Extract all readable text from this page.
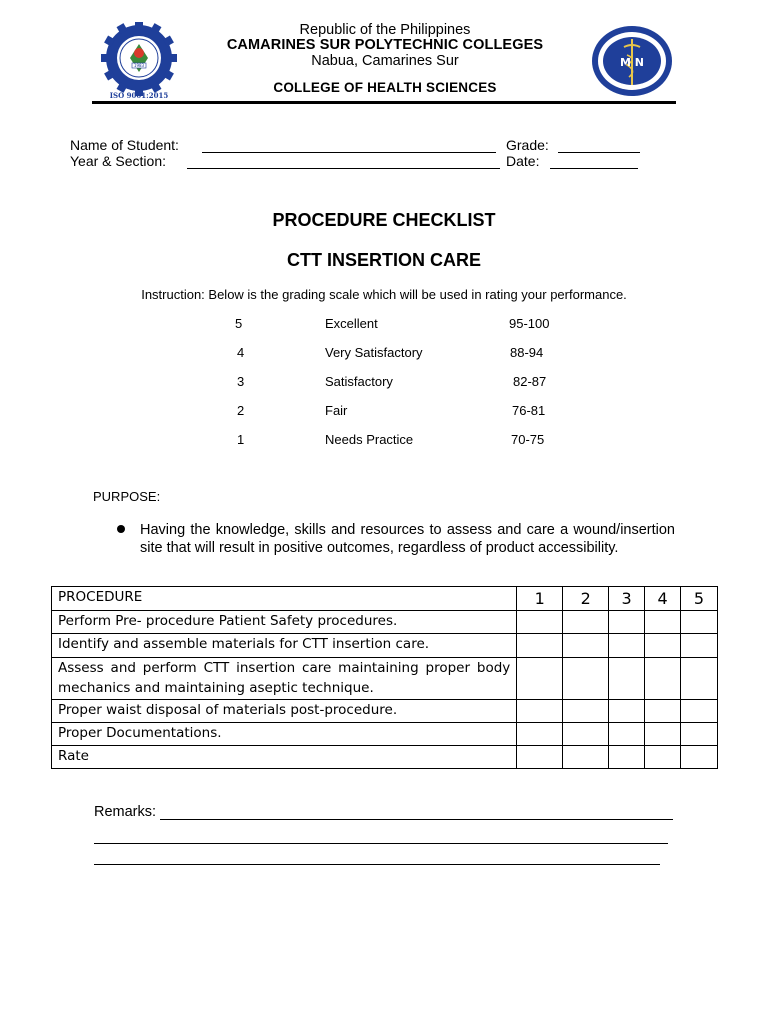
1983
ISO 9001:2015
M N
Republic of the Philippines
CAMARINES SUR POLYTECHNIC COLLEGES
Nabua, Camarines Sur
COLLEGE OF HEALTH SCIENCES
Name of Student:	Grade:
Year & Section:	Date:
PROCEDURE CHECKLIST
CTT INSERTION CARE
Instruction: Below is the grading scale which will be used in rating your performance.
5	Excellent	95-100
4	Very Satisfactory	88-94
3	Satisfactory	82-87
2	Fair	76-81
1	Needs Practice	70-75
PURPOSE:
Having the knowledge, skills and resources to assess and care a wound/insertion site that will result in positive outcomes, regardless of product accessibility.
PROCEDURE	1	2	3	4	5
Perform Pre- procedure Patient Safety procedures.					
Identify and assemble materials for CTT insertion care.					
Assess and perform CTT insertion care maintaining proper body mechanics and maintaining aseptic technique.					
Proper waist disposal of materials post-procedure.					
Proper Documentations.					
Rate					
Remarks:
